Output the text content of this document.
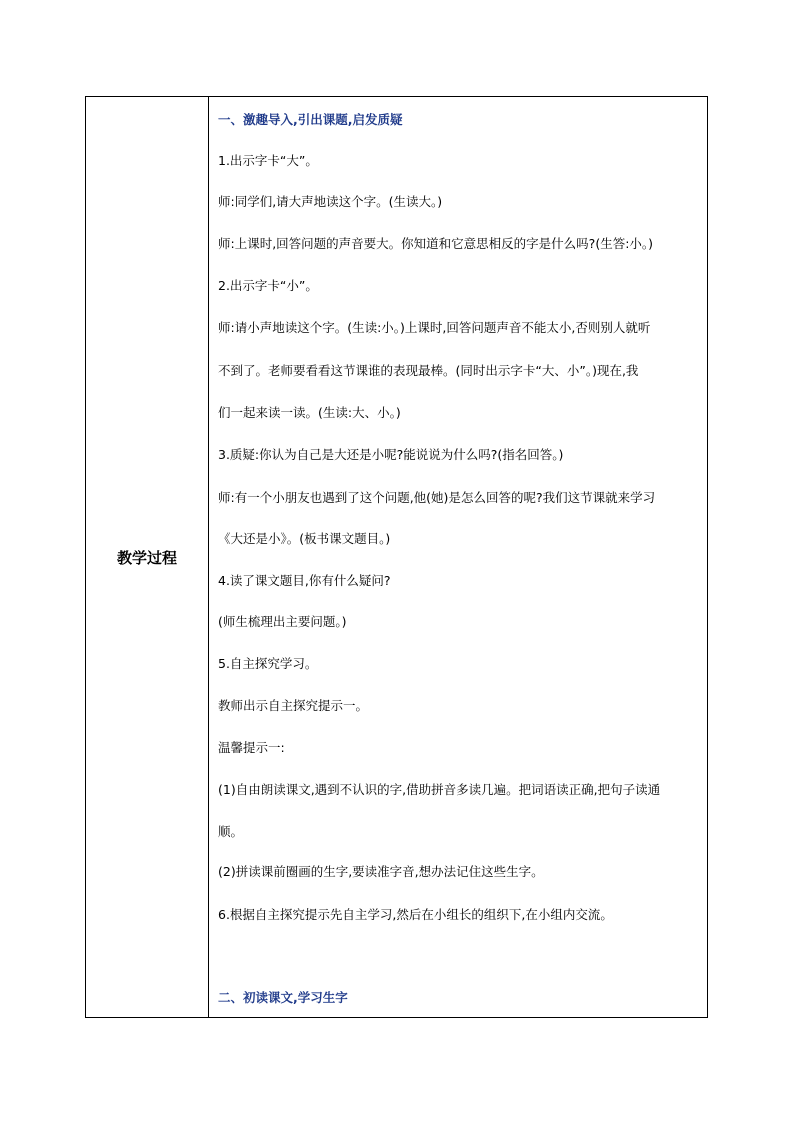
教学过程
一、激趣导入,引出课题,启发质疑
1.出示字卡“大”。
师:同学们,请大声地读这个字。(生读大。)
师:上课时,回答问题的声音要大。你知道和它意思相反的字是什么吗?(生答:小。)
2.出示字卡“小”。
师:请小声地读这个字。(生读:小。)上课时,回答问题声音不能太小,否则别人就听
不到了。老师要看看这节课谁的表现最棒。(同时出示字卡“大、小”。)现在,我
们一起来读一读。(生读:大、小。)
3.质疑:你认为自己是大还是小呢?能说说为什么吗?(指名回答。)
师:有一个小朋友也遇到了这个问题,他(她)是怎么回答的呢?我们这节课就来学习
《大还是小》。(板书课文题目。)
4.读了课文题目,你有什么疑问?
(师生梳理出主要问题。)
5.自主探究学习。
教师出示自主探究提示一。
温馨提示一:
(1)自由朗读课文,遇到不认识的字,借助拼音多读几遍。把词语读正确,把句子读通
顺。
(2)拼读课前圈画的生字,要读准字音,想办法记住这些生字。
6.根据自主探究提示先自主学习,然后在小组长的组织下,在小组内交流。
二、初读课文,学习生字
